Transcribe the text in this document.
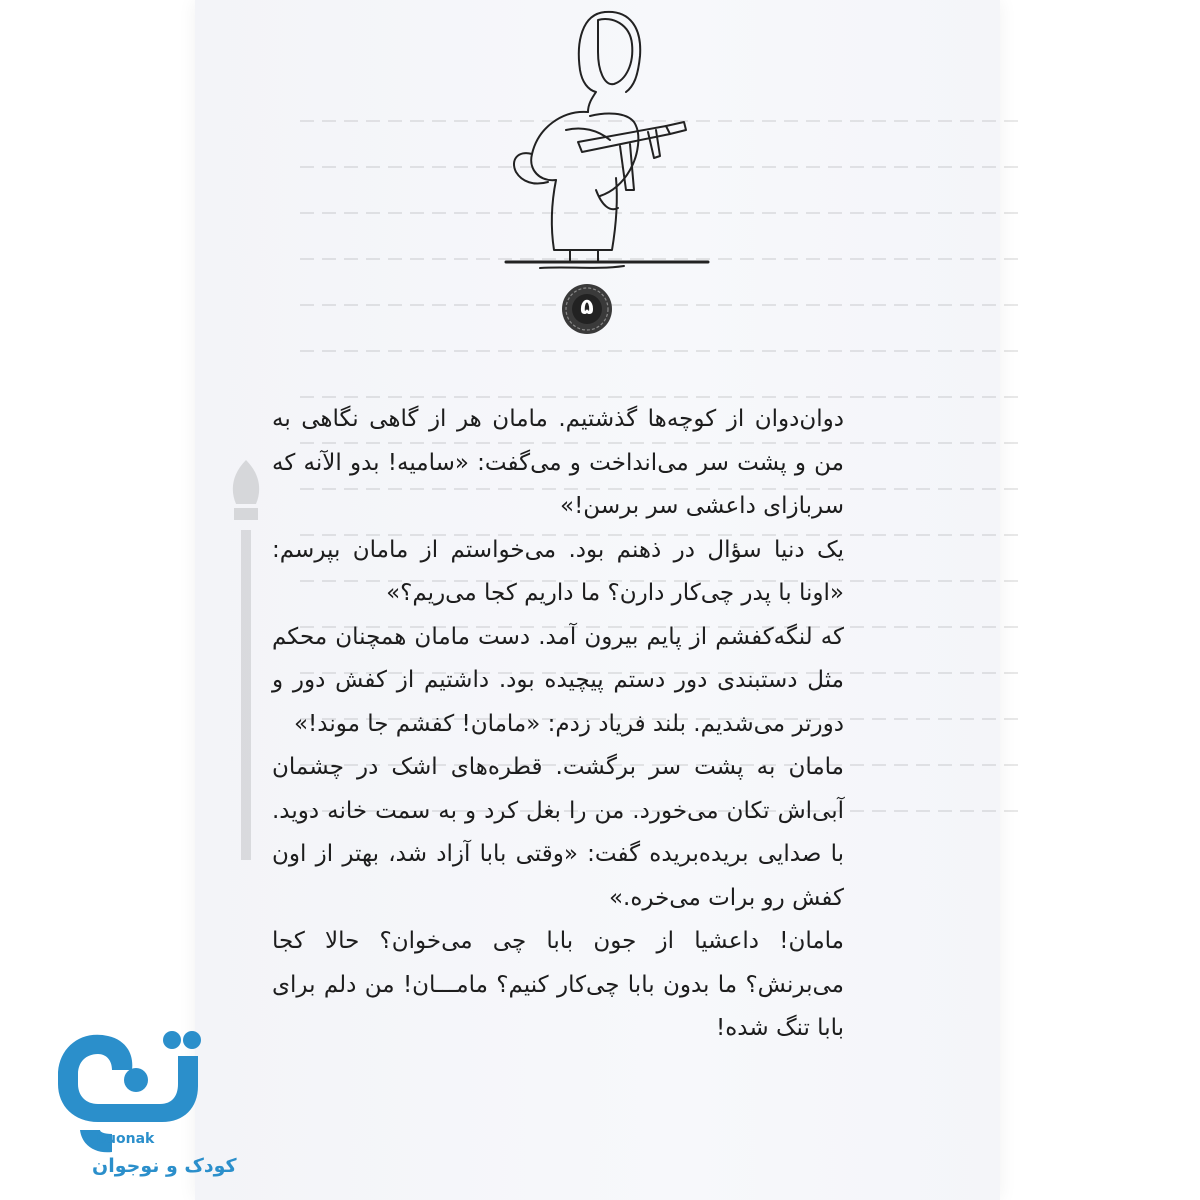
۵

دوان‌دوان از کوچه‌ها گذشتیم. مامان هر از گاهی نگاهی به من و پشت سر می‌انداخت و می‌گفت: «سامیه! بدو الآنه که سربازای داعشی سر برسن!»

یک دنیا سؤال در ذهنم بود. می‌خواستم از مامان بپرسم: «اونا با پدر چی‌کار دارن؟ ما داریم کجا می‌ریم؟»

که لنگه‌کفشم از پایم بیرون آمد. دست مامان همچنان محکم مثل دستبندی دور دستم پیچیده بود. داشتیم از کفش دور و دورتر می‌شدیم. بلند فریاد زدم: «مامان! کفشم جا موند!»

مامان به پشت سر برگشت. قطره‌های اشک در چشمان آبی‌اش تکان می‌خورد. من را بغل کرد و به سمت خانه دوید. با صدایی بریده‌بریده گفت: «وقتی بابا آزاد شد، بهتر از اون کفش رو برات می‌خره.»

مامان! داعشیا از جون بابا چی می‌خوان؟ حالا کجا می‌برنش؟ ما بدون بابا چی‌کار کنیم؟ مامـــان! من دلم برای بابا تنگ شده!

puonak
کودک و نوجوان
